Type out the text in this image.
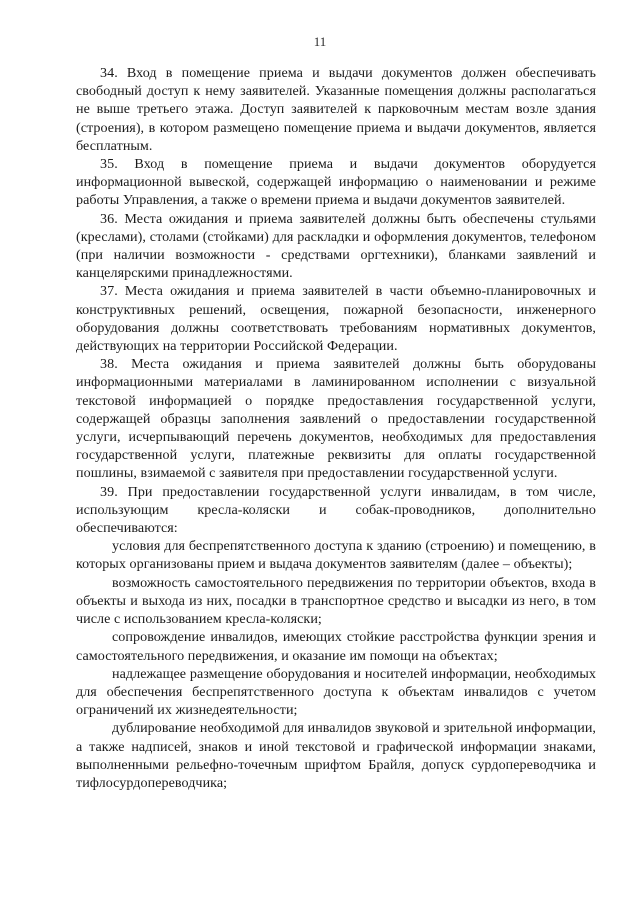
11

34. Вход в помещение приема и выдачи документов должен обеспечивать свободный доступ к нему заявителей. Указанные помещения должны располагаться не выше третьего этажа. Доступ заявителей к парковочным местам возле здания (строения), в котором размещено помещение приема и выдачи документов, является бесплатным.

35. Вход в помещение приема и выдачи документов оборудуется информационной вывеской, содержащей информацию о наименовании и режиме работы Управления, а также о времени приема и выдачи документов заявителей.

36. Места ожидания и приема заявителей должны быть обеспечены стульями (креслами), столами (стойками) для раскладки и оформления документов, телефоном (при наличии возможности - средствами оргтехники), бланками заявлений и канцелярскими принадлежностями.

37. Места ожидания и приема заявителей в части объемно-планировочных и конструктивных решений, освещения, пожарной безопасности, инженерного оборудования должны соответствовать требованиям нормативных документов, действующих на территории Российской Федерации.

38. Места ожидания и приема заявителей должны быть оборудованы информационными материалами в ламинированном исполнении с визуальной текстовой информацией о порядке предоставления государственной услуги, содержащей образцы заполнения заявлений о предоставлении государственной услуги, исчерпывающий перечень документов, необходимых для предоставления государственной услуги, платежные реквизиты для оплаты государственной пошлины, взимаемой с заявителя при предоставлении государственной услуги.

39. При предоставлении государственной услуги инвалидам, в том числе, использующим кресла-коляски и собак-проводников, дополнительно обеспечиваются:

условия для беспрепятственного доступа к зданию (строению) и помещению, в которых организованы прием и выдача документов заявителям (далее – объекты);

возможность самостоятельного передвижения по территории объектов, входа в объекты и выхода из них, посадки в транспортное средство и высадки из него, в том числе с использованием кресла-коляски;

сопровождение инвалидов, имеющих стойкие расстройства функции зрения и самостоятельного передвижения, и оказание им помощи на объектах;

надлежащее размещение оборудования и носителей информации, необходимых для обеспечения беспрепятственного доступа к объектам инвалидов с учетом ограничений их жизнедеятельности;

дублирование необходимой для инвалидов звуковой и зрительной информации, а также надписей, знаков и иной текстовой и графической информации знаками, выполненными рельефно-точечным шрифтом Брайля, допуск сурдопереводчика и тифлосурдопереводчика;
